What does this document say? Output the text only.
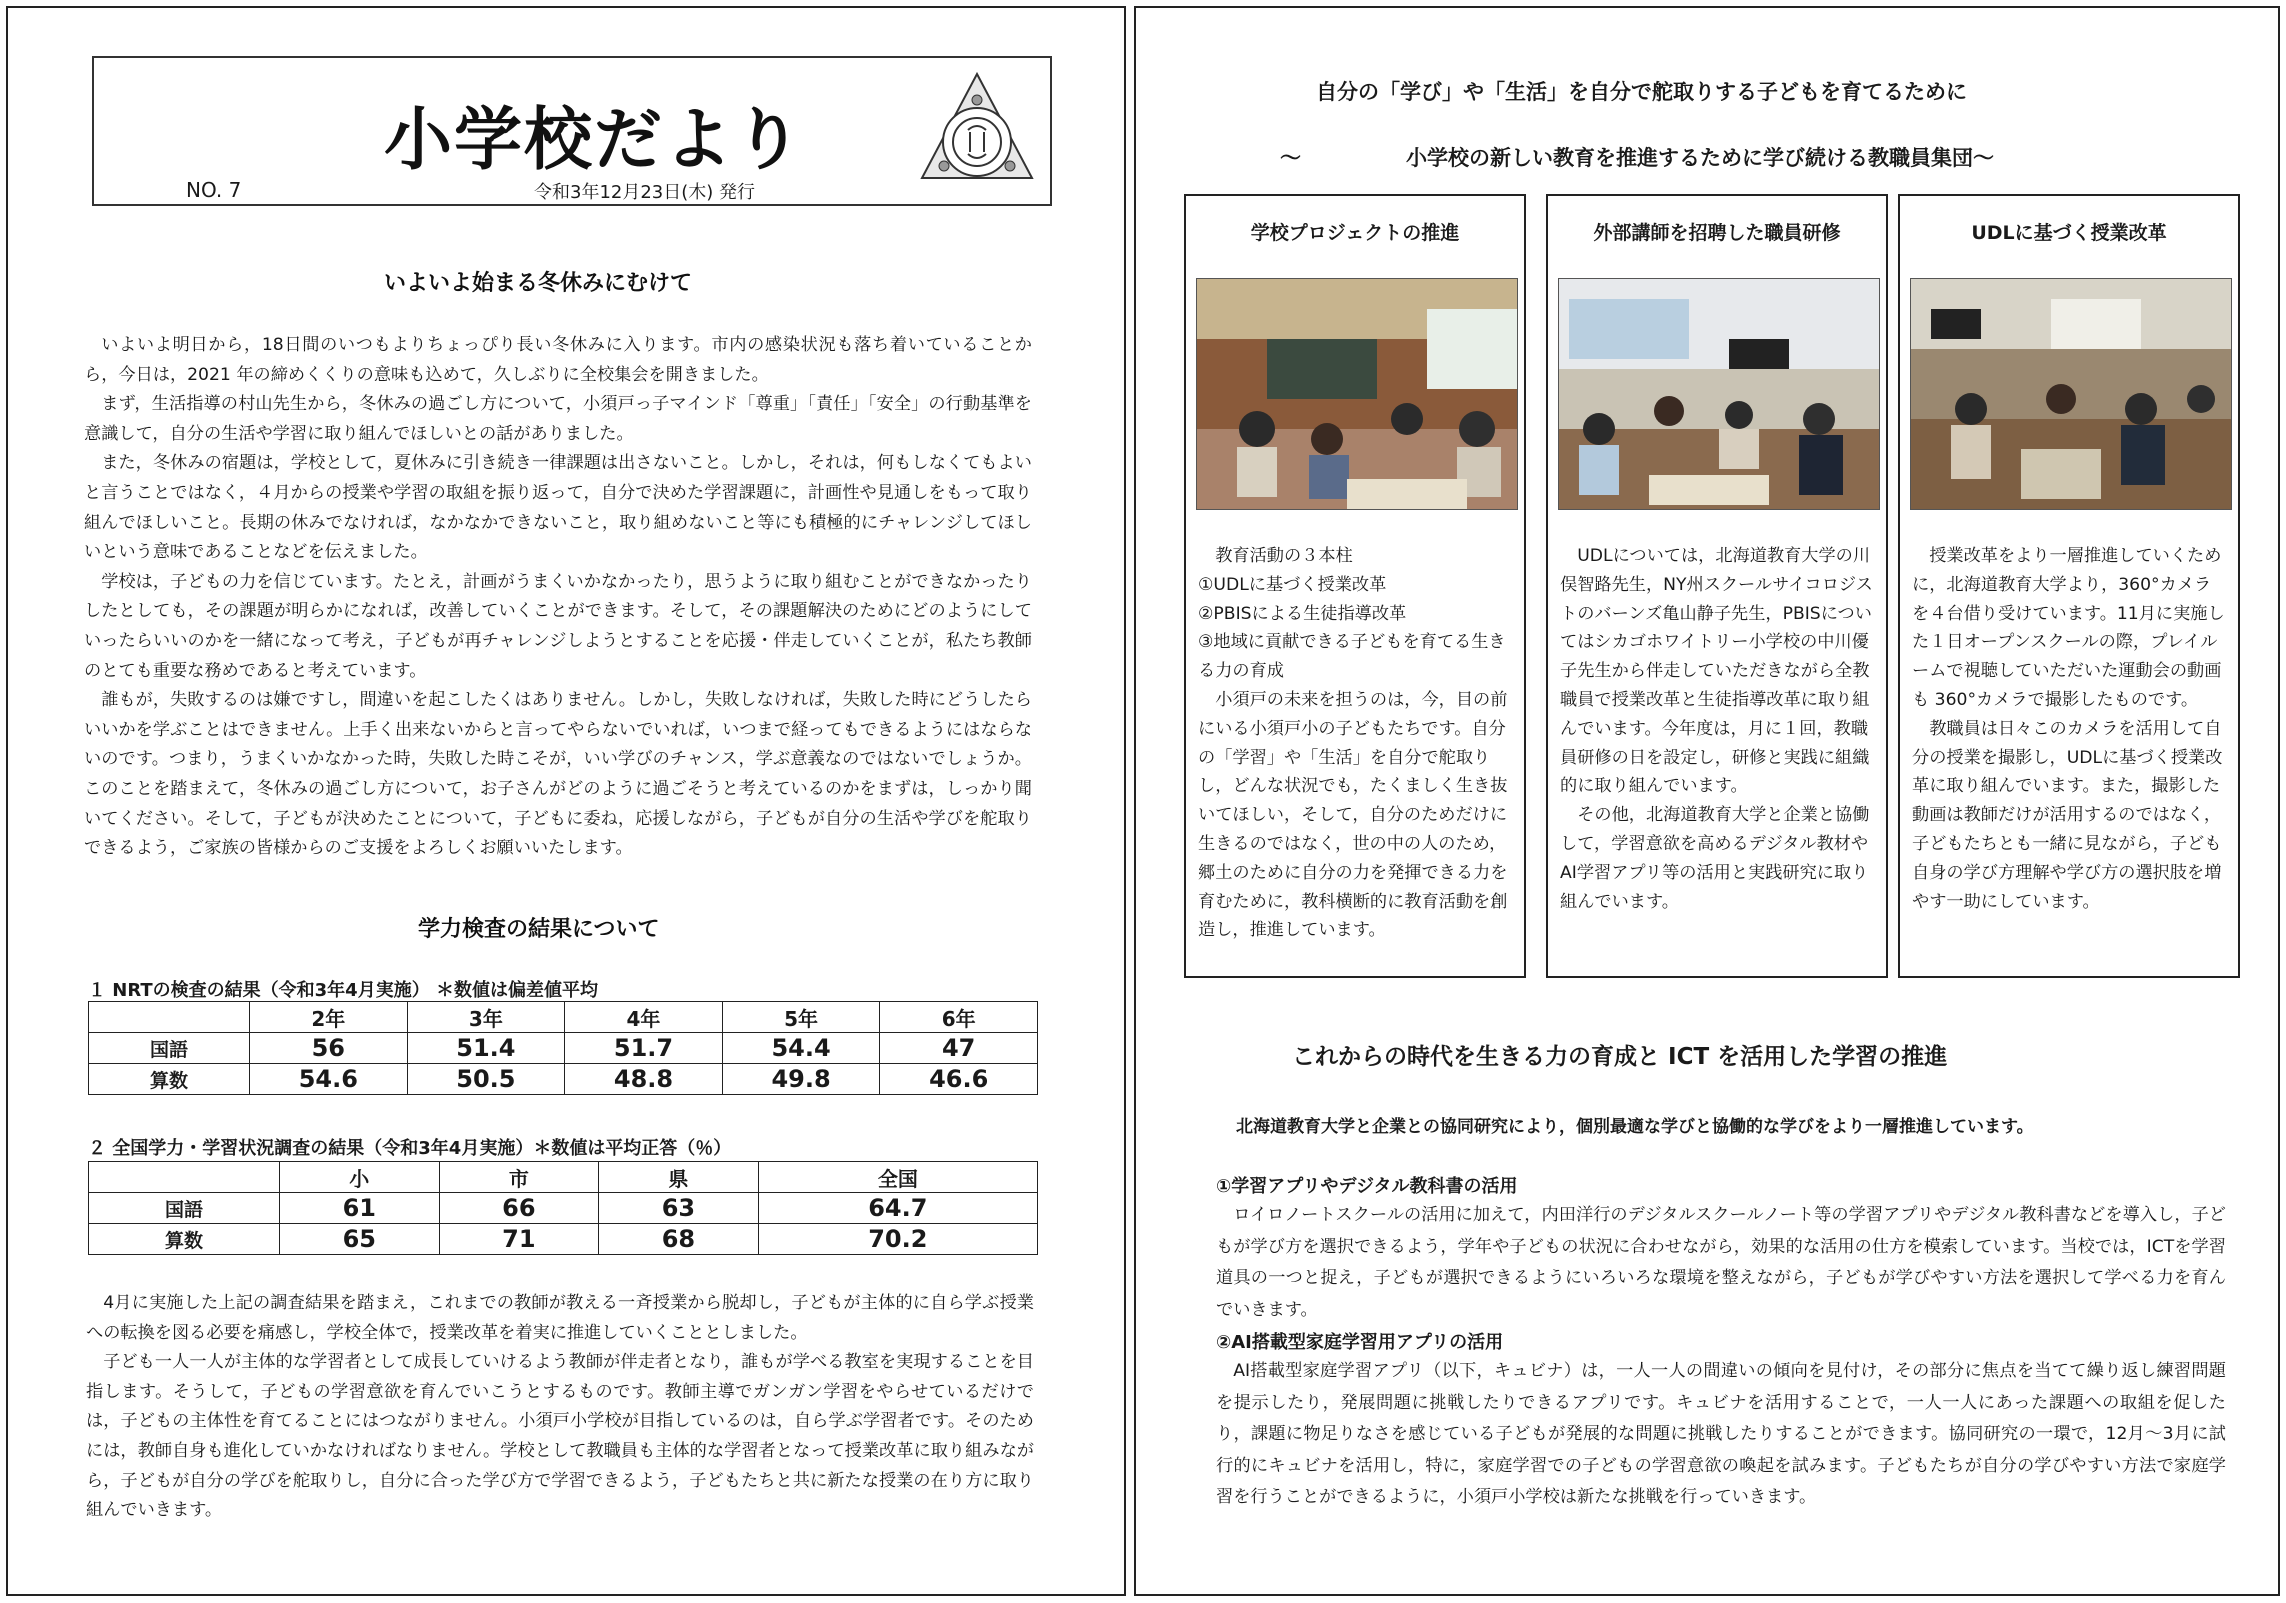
小学校だより
NO. 7	令和3年12月23日(木) 発行
いよいよ始まる冬休みにむけて

いよいよ明日から，18日間のいつもよりちょっぴり長い冬休みに入ります。市内の感染状況も落ち着いていることから，今日は，2021 年の締めくくりの意味も込めて，久しぶりに全校集会を開きました。

まず，生活指導の村山先生から，冬休みの過ごし方について，小須戸っ子マインド「尊重」「責任」「安全」の行動基準を意識して，自分の生活や学習に取り組んでほしいとの話がありました。

また，冬休みの宿題は，学校として，夏休みに引き続き一律課題は出さないこと。しかし，それは，何もしなくてもよいと言うことではなく，４月からの授業や学習の取組を振り返って，自分で決めた学習課題に，計画性や見通しをもって取り組んでほしいこと。長期の休みでなければ，なかなかできないこと，取り組めないこと等にも積極的にチャレンジしてほしいという意味であることなどを伝えました。

学校は，子どもの力を信じています。たとえ，計画がうまくいかなかったり，思うように取り組むことができなかったりしたとしても，その課題が明らかになれば，改善していくことができます。そして，その課題解決のためにどのようにしていったらいいのかを一緒になって考え，子どもが再チャレンジしようとすることを応援・伴走していくことが，私たち教師のとても重要な務めであると考えています。

誰もが，失敗するのは嫌ですし，間違いを起こしたくはありません。しかし，失敗しなければ，失敗した時にどうしたらいいかを学ぶことはできません。上手く出来ないからと言ってやらないでいれば，いつまで経ってもできるようにはならないのです。つまり，うまくいかなかった時，失敗した時こそが，いい学びのチャンス，学ぶ意義なのではないでしょうか。 このことを踏まえて，冬休みの過ごし方について，お子さんがどのように過ごそうと考えているのかをまずは，しっかり聞いてください。そして，子どもが決めたことについて，子どもに委ね，応援しながら，子どもが自分の生活や学びを舵取りできるよう，ご家族の皆様からのご支援をよろしくお願いいたします。

学力検査の結果について
１ NRTの検査の結果（令和3年4月実施） ＊数値は偏差値平均
	2年	3年	4年	5年	6年
国語	56	51.4	51.7	54.4	47
算数	54.6	50.5	48.8	49.8	46.6
２ 全国学力・学習状況調査の結果（令和3年4月実施）＊数値は平均正答（％）
	小	市	県	全国
国語	61	66	63	64.7
算数	65	71	68	70.2

4月に実施した上記の調査結果を踏まえ，これまでの教師が教える一斉授業から脱却し，子どもが主体的に自ら学ぶ授業への転換を図る必要を痛感し，学校全体で，授業改革を着実に推進していくこととしました。

子ども一人一人が主体的な学習者として成長していけるよう教師が伴走者となり，誰もが学べる教室を実現することを目指します。そうして，子どもの学習意欲を育んでいこうとするものです。教師主導でガンガン学習をやらせているだけでは，子どもの主体性を育てることにはつながりません。小須戸小学校が目指しているのは，自ら学ぶ学習者です。そのためには，教師自身も進化していかなければなりません。学校として教職員も主体的な学習者となって授業改革に取り組みながら，子どもが自分の学びを舵取りし，自分に合った学び方で学習できるよう，子どもたちと共に新たな授業の在り方に取り組んでいきます。

自分の「学び」や「生活」を自分で舵取りする子どもを育てるために
～　　　　　小学校の新しい教育を推進するために学び続ける教職員集団～
学校プロジェクトの推進

教育活動の３本柱

①UDLに基づく授業改革

②PBISによる生徒指導改革

③地域に貢献できる子どもを育てる生きる力の育成

小須戸の未来を担うのは，今，目の前にいる小須戸小の子どもたちです。自分の「学習」や「生活」を自分で舵取りし，どんな状況でも，たくましく生き抜いてほしい，そして，自分のためだけに生きるのではなく，世の中の人のため，郷土のために自分の力を発揮できる力を育むために，教科横断的に教育活動を創造し，推進しています。

外部講師を招聘した職員研修

UDLについては，北海道教育大学の川俣智路先生，NY州スクールサイコロジストのバーンズ亀山静子先生，PBISについてはシカゴホワイトリー小学校の中川優子先生から伴走していただきながら全教職員で授業改革と生徒指導改革に取り組んでいます。今年度は，月に１回，教職員研修の日を設定し，研修と実践に組織的に取り組んでいます。

その他，北海道教育大学と企業と協働して，学習意欲を高めるデジタル教材やAI学習アプリ等の活用と実践研究に取り組んでいます。

UDLに基づく授業改革

授業改革をより一層推進していくために，北海道教育大学より，360°カメラを４台借り受けています。11月に実施した１日オープンスクールの際，プレイルームで視聴していただいた運動会の動画も 360°カメラで撮影したものです。

教職員は日々このカメラを活用して自分の授業を撮影し，UDLに基づく授業改革に取り組んでいます。また，撮影した動画は教師だけが活用するのではなく，子どもたちとも一緒に見ながら，子ども自身の学び方理解や学び方の選択肢を増やす一助にしています。

これからの時代を生きる力の育成と ICT を活用した学習の推進
北海道教育大学と企業との協同研究により，個別最適な学びと協働的な学びをより一層推進しています。
①学習アプリやデジタル教科書の活用

ロイロノートスクールの活用に加えて，内田洋行のデジタルスクールノート等の学習アプリやデジタル教科書などを導入し，子どもが学び方を選択できるよう，学年や子どもの状況に合わせながら，効果的な活用の仕方を模索しています。当校では，ICTを学習道具の一つと捉え，子どもが選択できるようにいろいろな環境を整えながら，子どもが学びやすい方法を選択して学べる力を育んでいきます。

②AI搭載型家庭学習用アプリの活用

AI搭載型家庭学習アプリ（以下，キュビナ）は，一人一人の間違いの傾向を見付け，その部分に焦点を当てて繰り返し練習問題を提示したり，発展問題に挑戦したりできるアプリです。キュビナを活用することで，一人一人にあった課題への取組を促したり，課題に物足りなさを感じている子どもが発展的な問題に挑戦したりすることができます。協同研究の一環で，12月～3月に試行的にキュビナを活用し，特に，家庭学習での子どもの学習意欲の喚起を試みます。子どもたちが自分の学びやすい方法で家庭学習を行うことができるように，小須戸小学校は新たな挑戦を行っていきます。
